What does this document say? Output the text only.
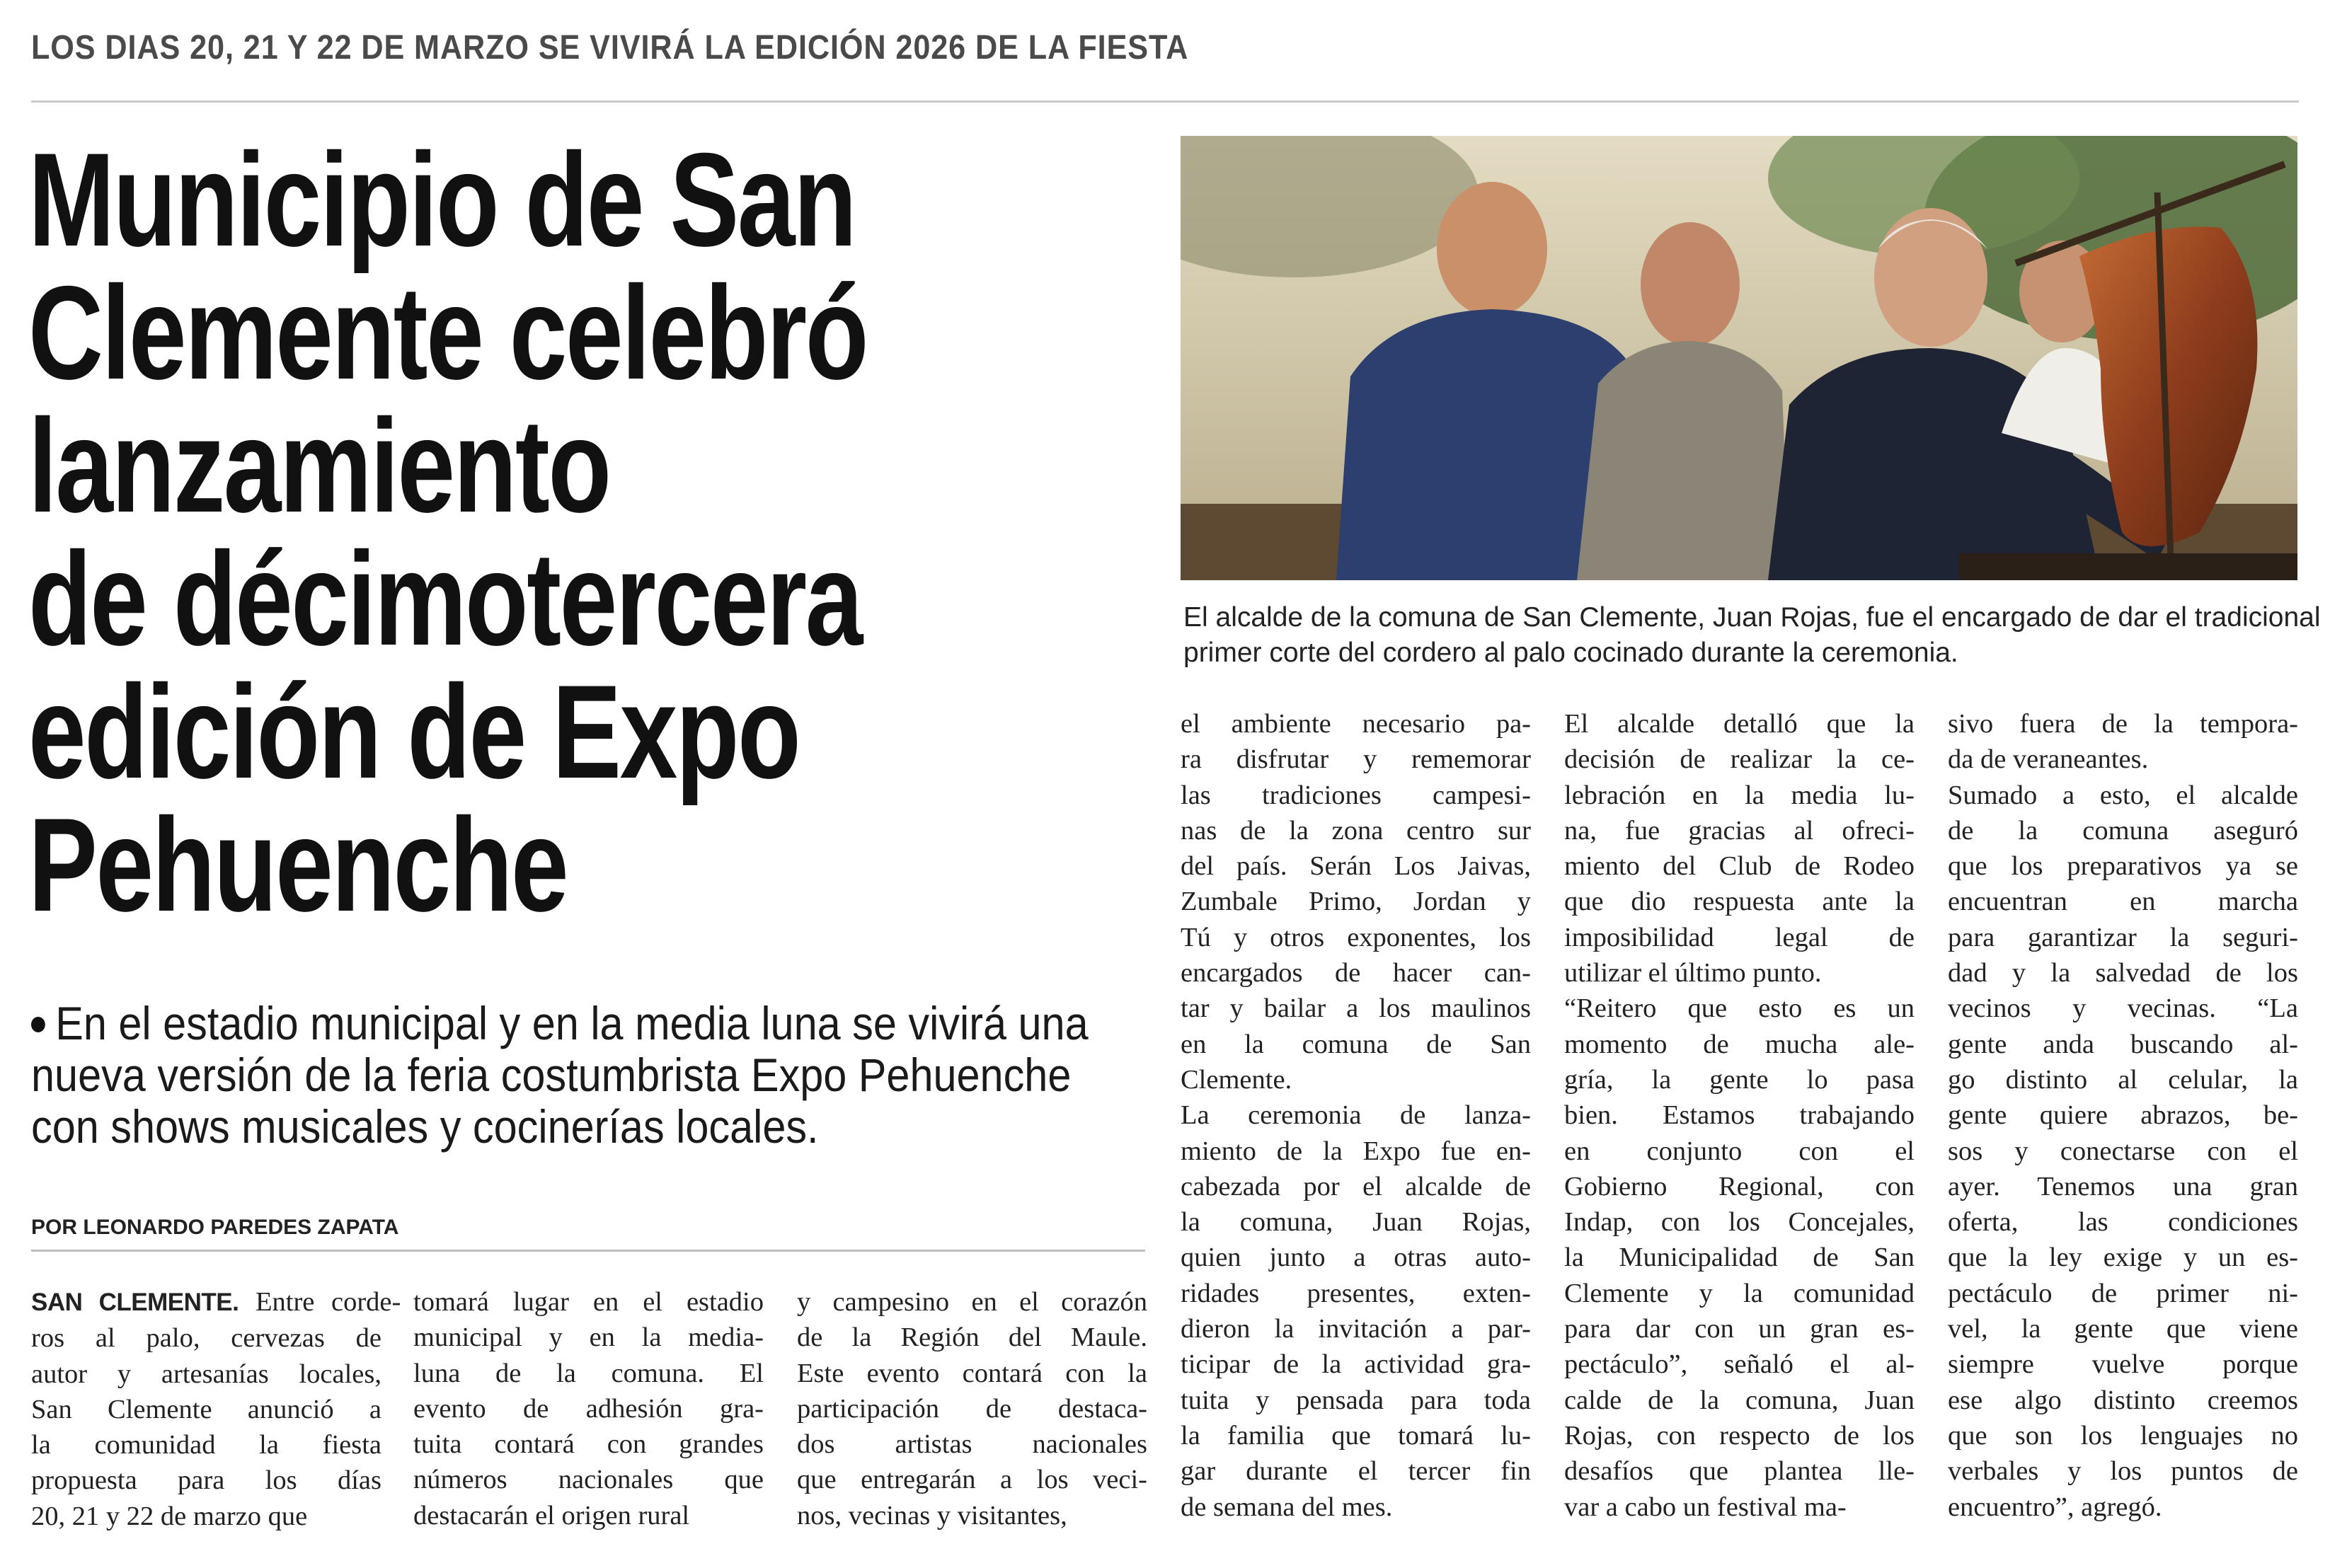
LOS DIAS 20, 21 Y 22 DE MARZO SE VIVIRÁ LA EDICIÓN 2026 DE LA FIESTA
Municipio de San
Clemente celebró
lanzamiento
de décimotercera
edición de Expo
Pehuenche
En el estadio municipal y en la media luna se vivirá una
nueva versión de la feria costumbrista Expo Pehuenche
con shows musicales y cocinerías locales.
POR LEONARDO PAREDES ZAPATA
El alcalde de la comuna de San Clemente, Juan Rojas, fue el encargado de dar el tradicional
primer corte del cordero al palo cocinado durante la ceremonia.
SAN CLEMENTE. Entre corde-
ros al palo, cervezas de
autor y artesanías locales,
San Clemente anunció a
la comunidad la fiesta
propuesta para los días
20, 21 y 22 de marzo que
tomará lugar en el estadio
municipal y en la media-
luna de la comuna. El
evento de adhesión gra-
tuita contará con grandes
números nacionales que
destacarán el origen rural
y campesino en el corazón
de la Región del Maule.
Este evento contará con la
participación de destaca-
dos artistas nacionales
que entregarán a los veci-
nos, vecinas y visitantes,
el ambiente necesario pa-
ra disfrutar y rememorar
las tradiciones campesi-
nas de la zona centro sur
del país. Serán Los Jaivas,
Zumbale Primo, Jordan y
Tú y otros exponentes, los
encargados de hacer can-
tar y bailar a los maulinos
en la comuna de San
Clemente.
La ceremonia de lanza-
miento de la Expo fue en-
cabezada por el alcalde de
la comuna, Juan Rojas,
quien junto a otras auto-
ridades presentes, exten-
dieron la invitación a par-
ticipar de la actividad gra-
tuita y pensada para toda
la familia que tomará lu-
gar durante el tercer fin
de semana del mes.
El alcalde detalló que la
decisión de realizar la ce-
lebración en la media lu-
na, fue gracias al ofreci-
miento del Club de Rodeo
que dio respuesta ante la
imposibilidad legal de
utilizar el último punto.
“Reitero que esto es un
momento de mucha ale-
gría, la gente lo pasa
bien. Estamos trabajando
en conjunto con el
Gobierno Regional, con
Indap, con los Concejales,
la Municipalidad de San
Clemente y la comunidad
para dar con un gran es-
pectáculo”, señaló el al-
calde de la comuna, Juan
Rojas, con respecto de los
desafíos que plantea lle-
var a cabo un festival ma-
sivo fuera de la tempora-
da de veraneantes.
Sumado a esto, el alcalde
de la comuna aseguró
que los preparativos ya se
encuentran en marcha
para garantizar la seguri-
dad y la salvedad de los
vecinos y vecinas. “La
gente anda buscando al-
go distinto al celular, la
gente quiere abrazos, be-
sos y conectarse con el
ayer. Tenemos una gran
oferta, las condiciones
que la ley exige y un es-
pectáculo de primer ni-
vel, la gente que viene
siempre vuelve porque
ese algo distinto creemos
que son los lenguajes no
verbales y los puntos de
encuentro”, agregó.
